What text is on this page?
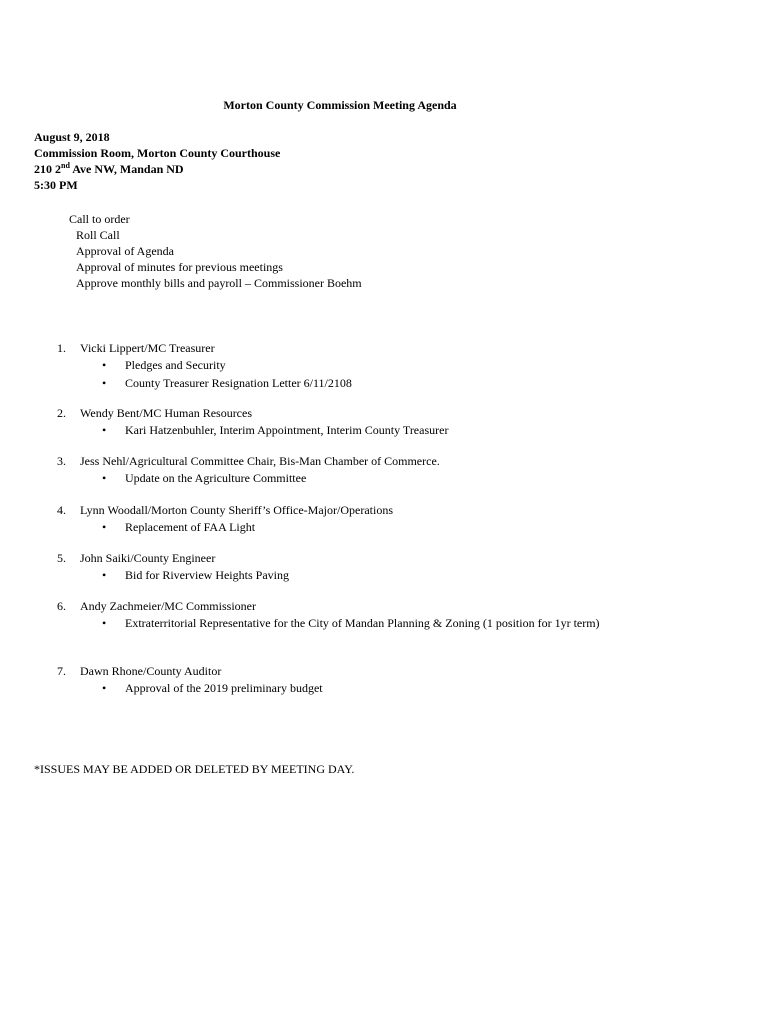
Morton County Commission Meeting Agenda
August 9, 2018
Commission Room, Morton County Courthouse
210 2nd Ave NW, Mandan ND
5:30 PM
Call to order
Roll Call
Approval of Agenda
Approval of minutes for previous meetings
Approve monthly bills and payroll – Commissioner Boehm
1. Vicki Lippert/MC Treasurer
• Pledges and Security
• County Treasurer Resignation Letter 6/11/2108
2. Wendy Bent/MC Human Resources
• Kari Hatzenbuhler, Interim Appointment, Interim County Treasurer
3. Jess Nehl/Agricultural Committee Chair, Bis-Man Chamber of Commerce.
• Update on the Agriculture Committee
4. Lynn Woodall/Morton County Sheriff’s Office-Major/Operations
• Replacement of FAA Light
5. John Saiki/County Engineer
• Bid for Riverview Heights Paving
6. Andy Zachmeier/MC Commissioner
• Extraterritorial Representative for the City of Mandan Planning & Zoning (1 position for 1yr term)
7. Dawn Rhone/County Auditor
• Approval of the 2019 preliminary budget
*ISSUES MAY BE ADDED OR DELETED BY MEETING DAY.
